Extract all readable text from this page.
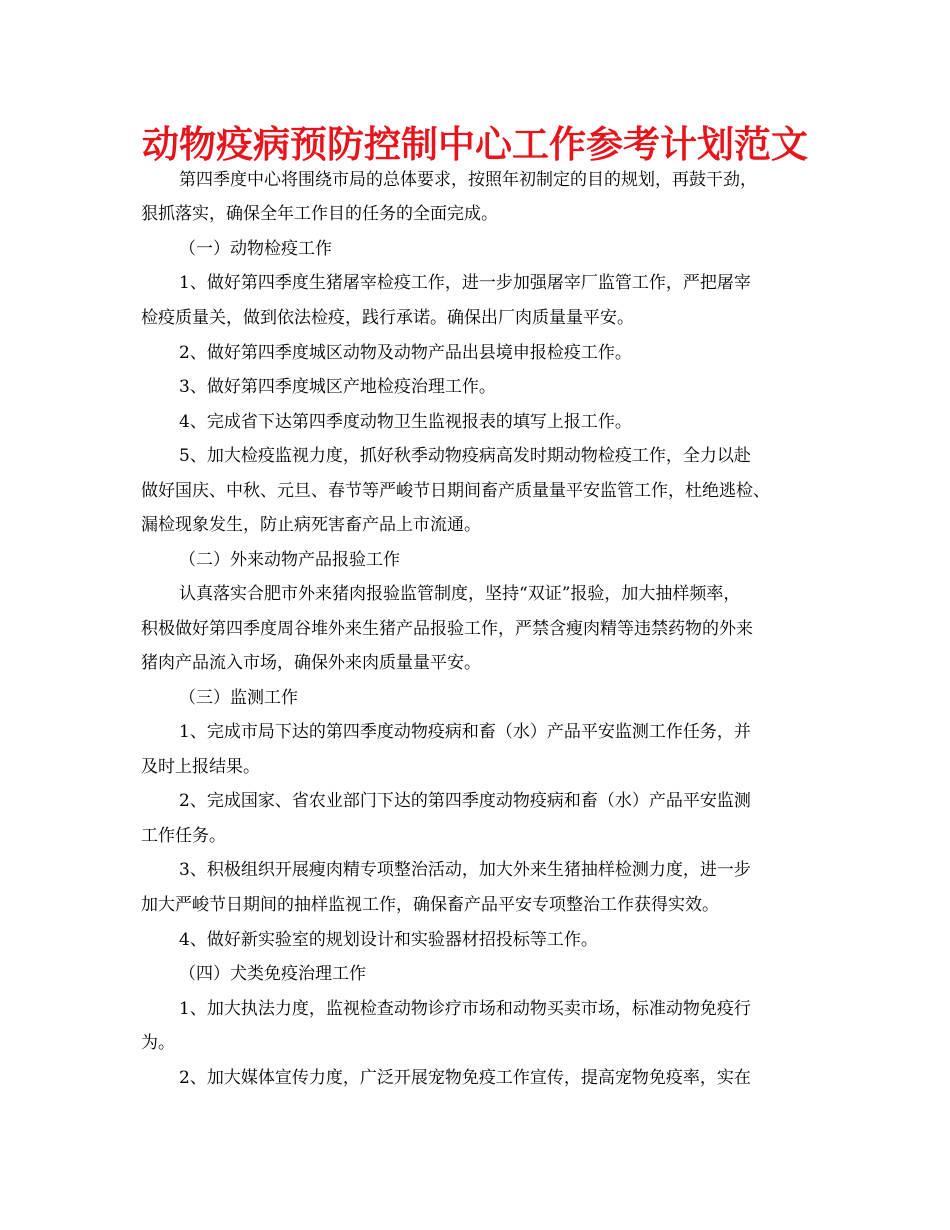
动物疫病预防控制中心工作参考计划范文
第四季度中心将围绕市局的总体要求，按照年初制定的目的规划，再鼓干劲，
狠抓落实，确保全年工作目的任务的全面完成。
（一）动物检疫工作
1、做好第四季度生猪屠宰检疫工作，进一步加强屠宰厂监管工作，严把屠宰
检疫质量关，做到依法检疫，践行承诺。确保出厂肉质量量平安。
2、做好第四季度城区动物及动物产品出县境申报检疫工作。
3、做好第四季度城区产地检疫治理工作。
4、完成省下达第四季度动物卫生监视报表的填写上报工作。
5、加大检疫监视力度，抓好秋季动物疫病高发时期动物检疫工作，全力以赴
做好国庆、中秋、元旦、春节等严峻节日期间畜产质量量平安监管工作，杜绝逃检、
漏检现象发生，防止病死害畜产品上市流通。
（二）外来动物产品报验工作
认真落实合肥市外来猪肉报验监管制度，坚持“双证”报验，加大抽样频率，
积极做好第四季度周谷堆外来生猪产品报验工作，严禁含瘦肉精等违禁药物的外来
猪肉产品流入市场，确保外来肉质量量平安。
（三）监测工作
1、完成市局下达的第四季度动物疫病和畜（水）产品平安监测工作任务，并
及时上报结果。
2、完成国家、省农业部门下达的第四季度动物疫病和畜（水）产品平安监测
工作任务。
3、积极组织开展瘦肉精专项整治活动，加大外来生猪抽样检测力度，进一步
加大严峻节日期间的抽样监视工作，确保畜产品平安专项整治工作获得实效。
4、做好新实验室的规划设计和实验器材招投标等工作。
（四）犬类免疫治理工作
1、加大执法力度，监视检查动物诊疗市场和动物买卖市场，标准动物免疫行
为。
2、加大媒体宣传力度，广泛开展宠物免疫工作宣传，提高宠物免疫率，实在
